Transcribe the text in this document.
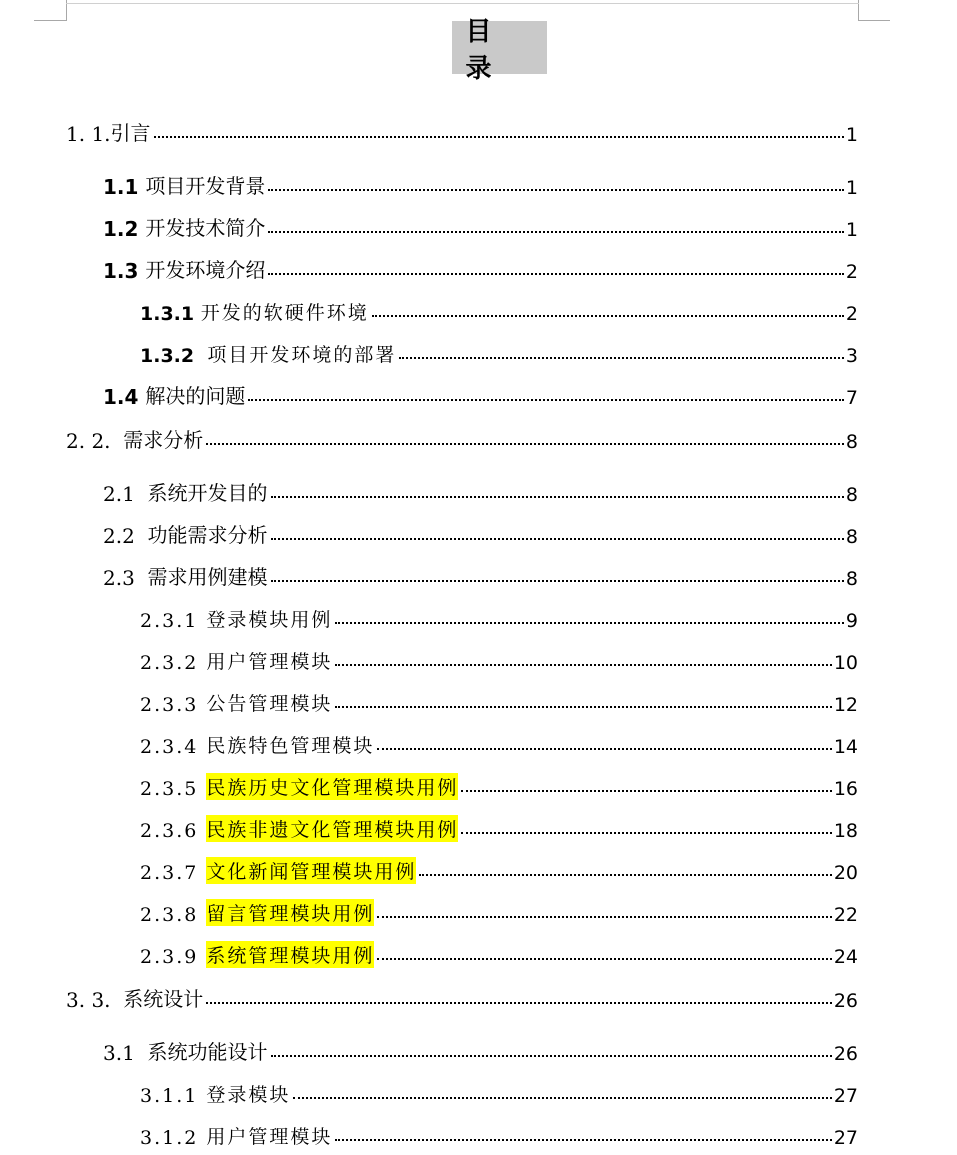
目　录
1. 1. 引言	1
1.1 项目开发背景	1
1.2 开发技术简介	1
1.3 开发环境介绍	2
1.3.1 开发的软硬件环境	2
1.3.2 项目开发环境的部署	3
1.4 解决的问题	7
2. 2. 需求分析	8
2.1 系统开发目的	8
2.2 功能需求分析	8
2.3 需求用例建模	8
2.3.1 登录模块用例	9
2.3.2 用户管理模块	10
2.3.3 公告管理模块	12
2.3.4 民族特色管理模块	14
2.3.5 民族历史文化管理模块用例	16
2.3.6 民族非遗文化管理模块用例	18
2.3.7 文化新闻管理模块用例	20
2.3.8 留言管理模块用例	22
2.3.9 系统管理模块用例	24
3. 3. 系统设计	26
3.1 系统功能设计	26
3.1.1 登录模块	27
3.1.2 用户管理模块	27
